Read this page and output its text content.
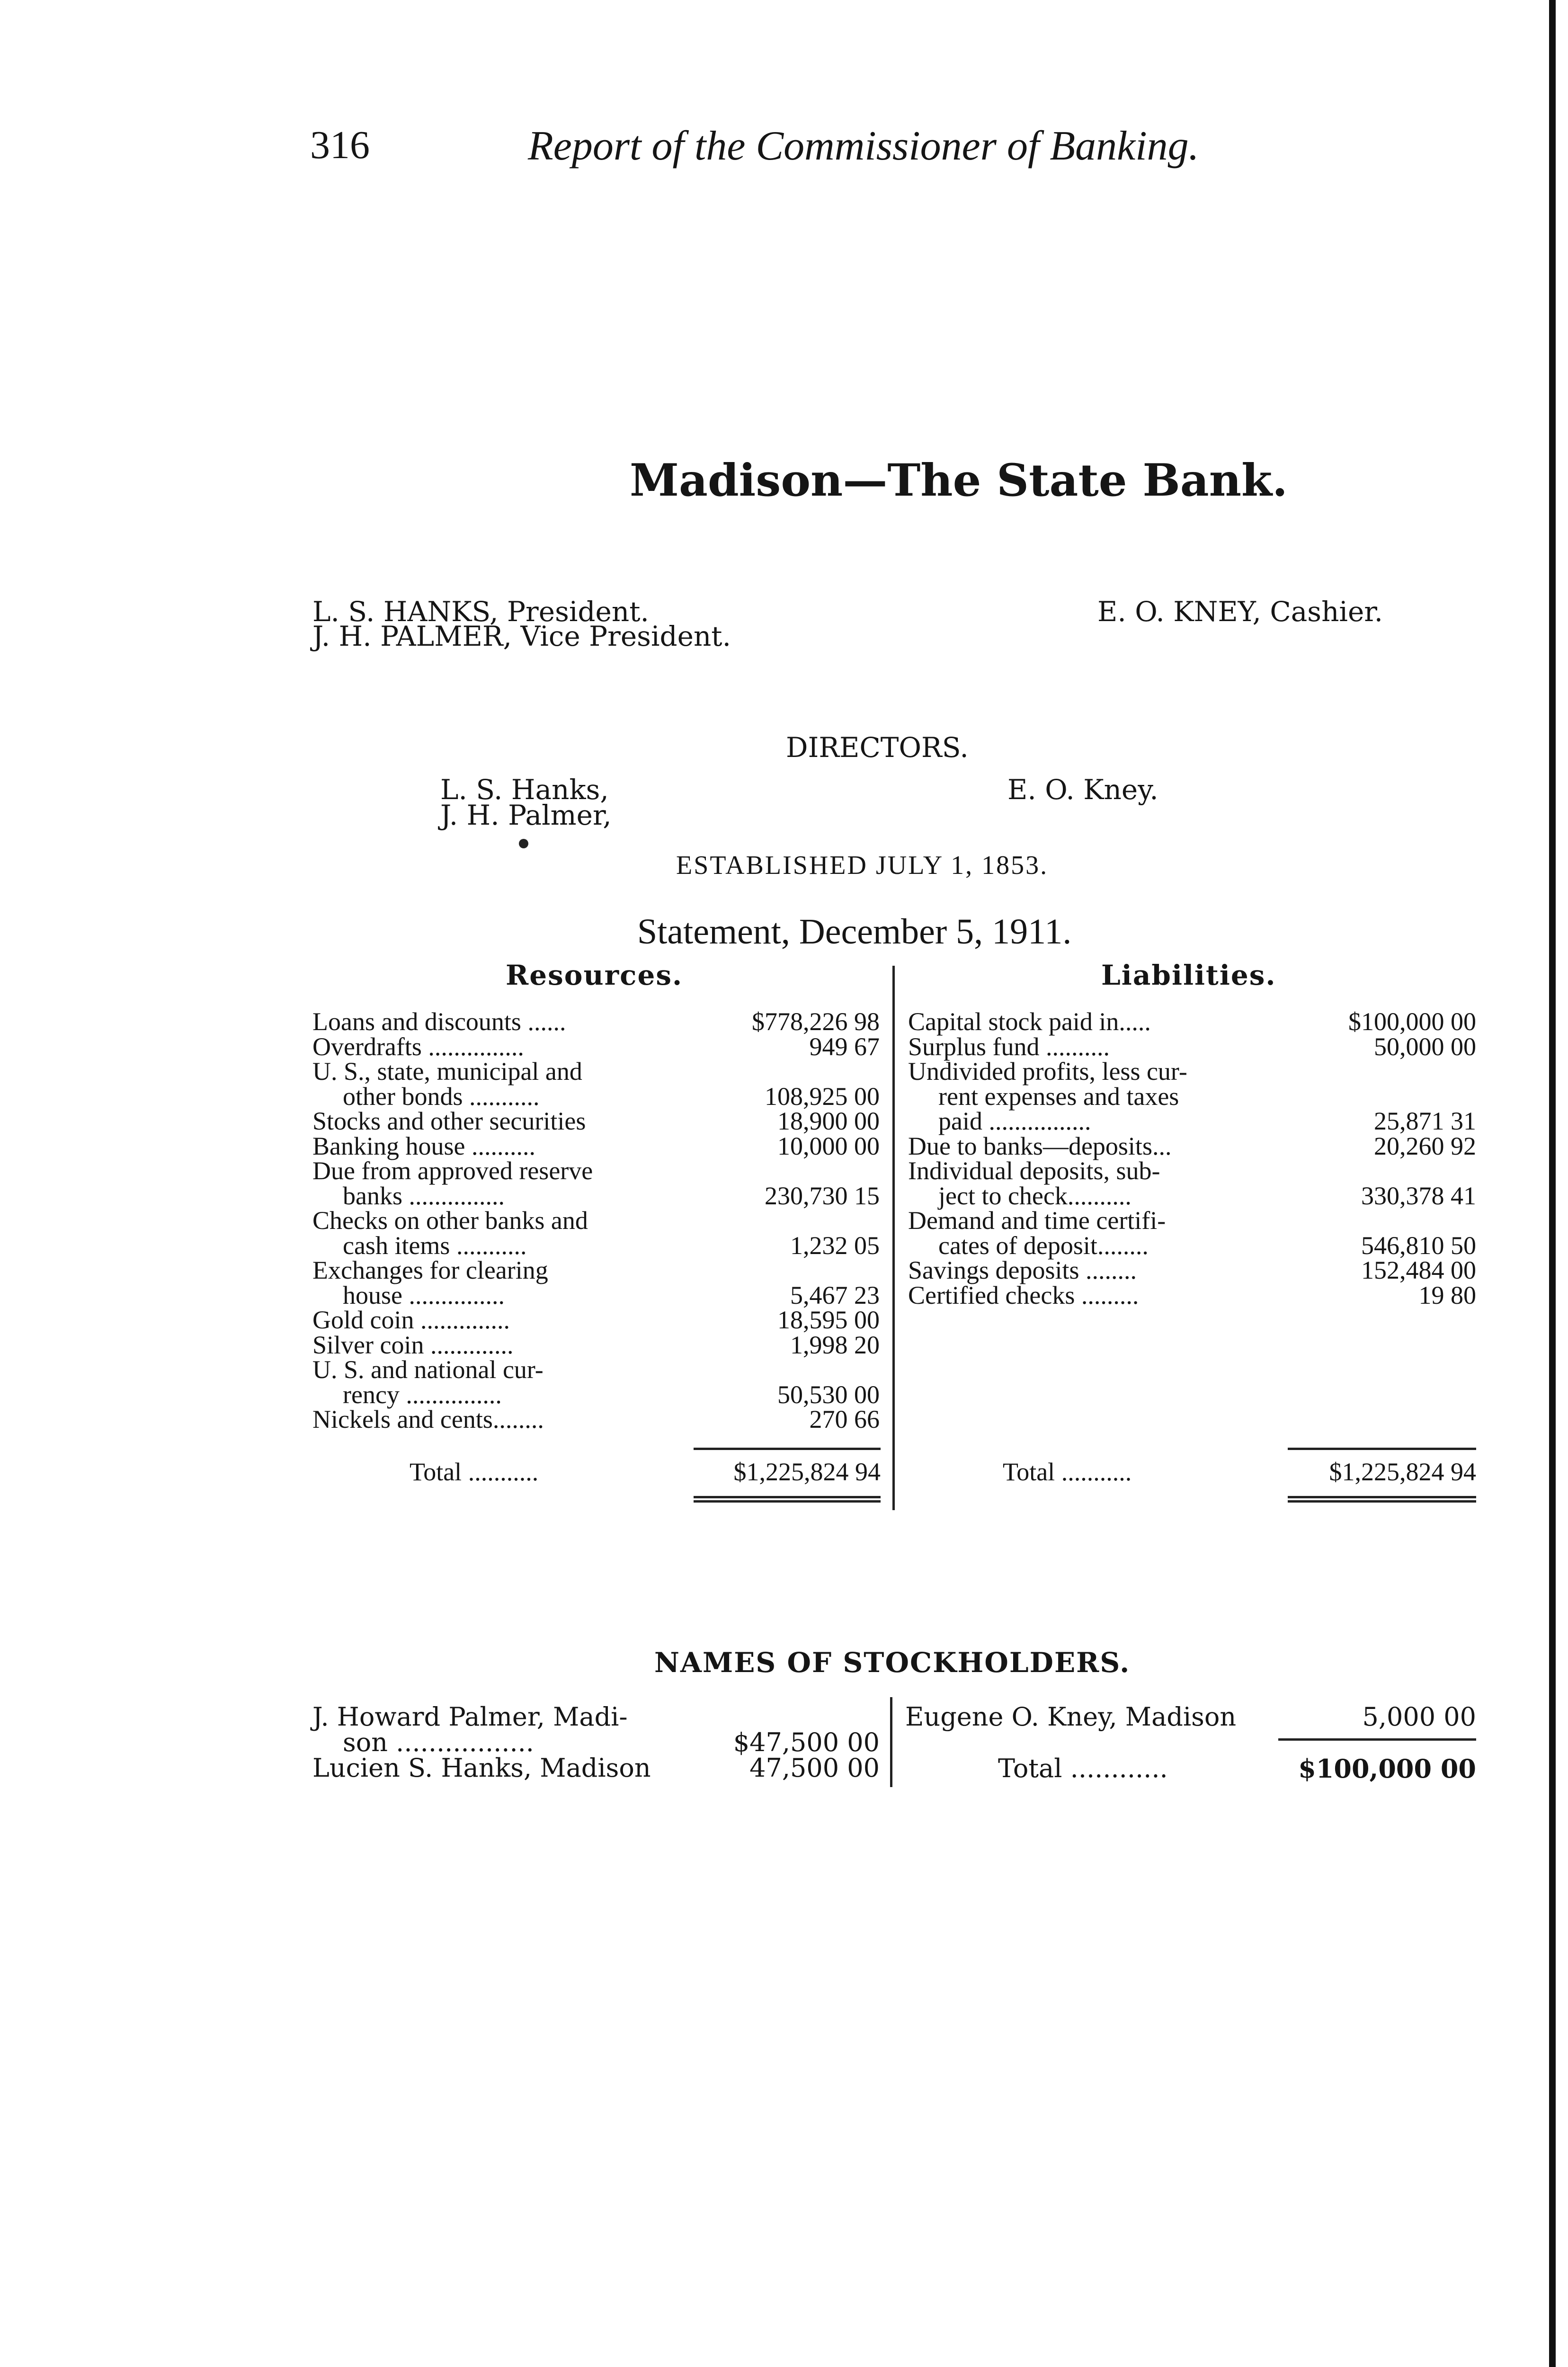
316	Report of the Commissioner of Banking.
Madison—The State Bank.
L. S. HANKS, President.
J. H. PALMER, Vice President.
E. O. KNEY, Cashier.
DIRECTORS.
L. S. Hanks,
J. H. Palmer,
E. O. Kney.
ESTABLISHED JULY 1, 1853.
Statement, December 5, 1911.
Resources.	Liabilities.
Loans and discounts ......	$778,226 98
Overdrafts ...............	949 67
U. S., state, municipal and
other bonds ...........	108,925 00
Stocks and other securities	18,900 00
Banking house ..........	10,000 00
Due from approved reserve
banks ...............	230,730 15
Checks on other banks and
cash items ...........	1,232 05
Exchanges for clearing
house ...............	5,467 23
Gold coin ..............	18,595 00
Silver coin .............	1,998 20
U. S. and national cur-
rency ...............	50,530 00
Nickels and cents........	270 66
Total ...........	$1,225,824 94
Capital stock paid in.....	$100,000 00
Surplus fund ..........	50,000 00
Undivided profits, less cur-
rent expenses and taxes
paid ................	25,871 31
Due to banks—deposits...	20,260 92
Individual deposits, sub-
ject to check..........	330,378 41
Demand and time certifi-
cates of deposit........	546,810 50
Savings deposits ........	152,484 00
Certified checks .........	19 80
Total ...........	$1,225,824 94
NAMES OF STOCKHOLDERS.
J. Howard Palmer, Madi-
son .................	$47,500 00
Lucien S. Hanks, Madison	47,500 00
Eugene O. Kney, Madison	5,000 00
Total ............	$100,000 00
